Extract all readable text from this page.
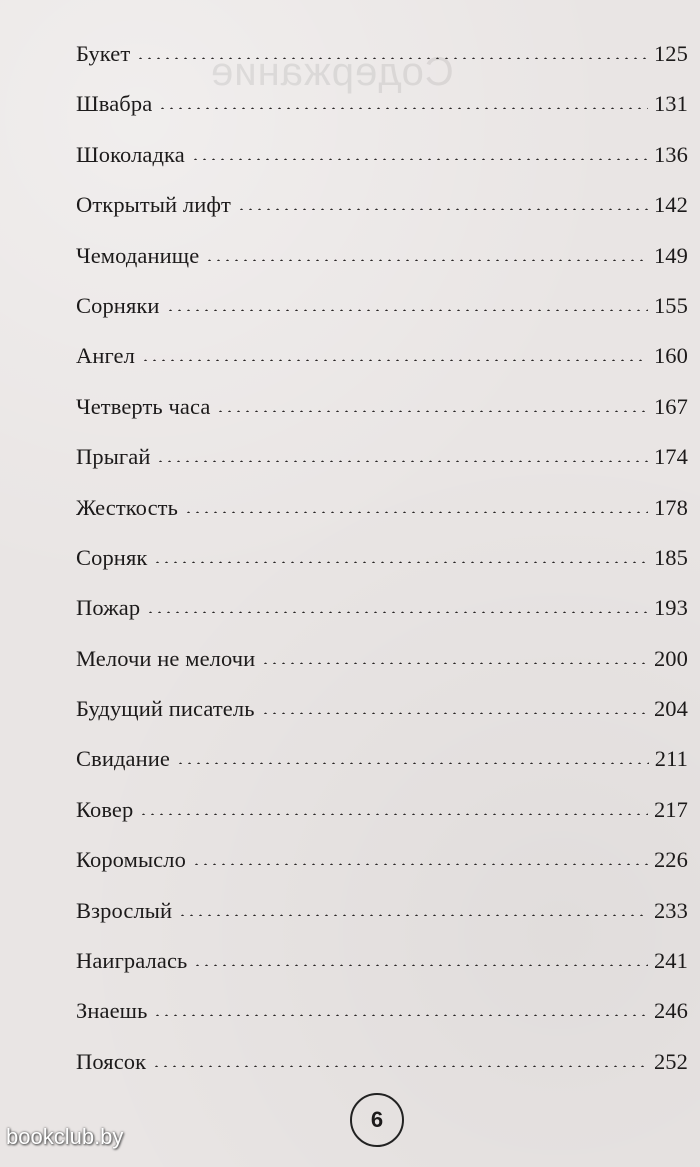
Содержание
Букет	125
Швабра	131
Шоколадка	136
Открытый лифт	142
Чемоданище	149
Сорняки	155
Ангел	160
Четверть часа	167
Прыгай	174
Жесткость	178
Сорняк	185
Пожар	193
Мелочи не мелочи	200
Будущий писатель	204
Свидание	211
Ковер	217
Коромысло	226
Взрослый	233
Наигралась	241
Знаешь	246
Поясок	252
6
bookclub.by
